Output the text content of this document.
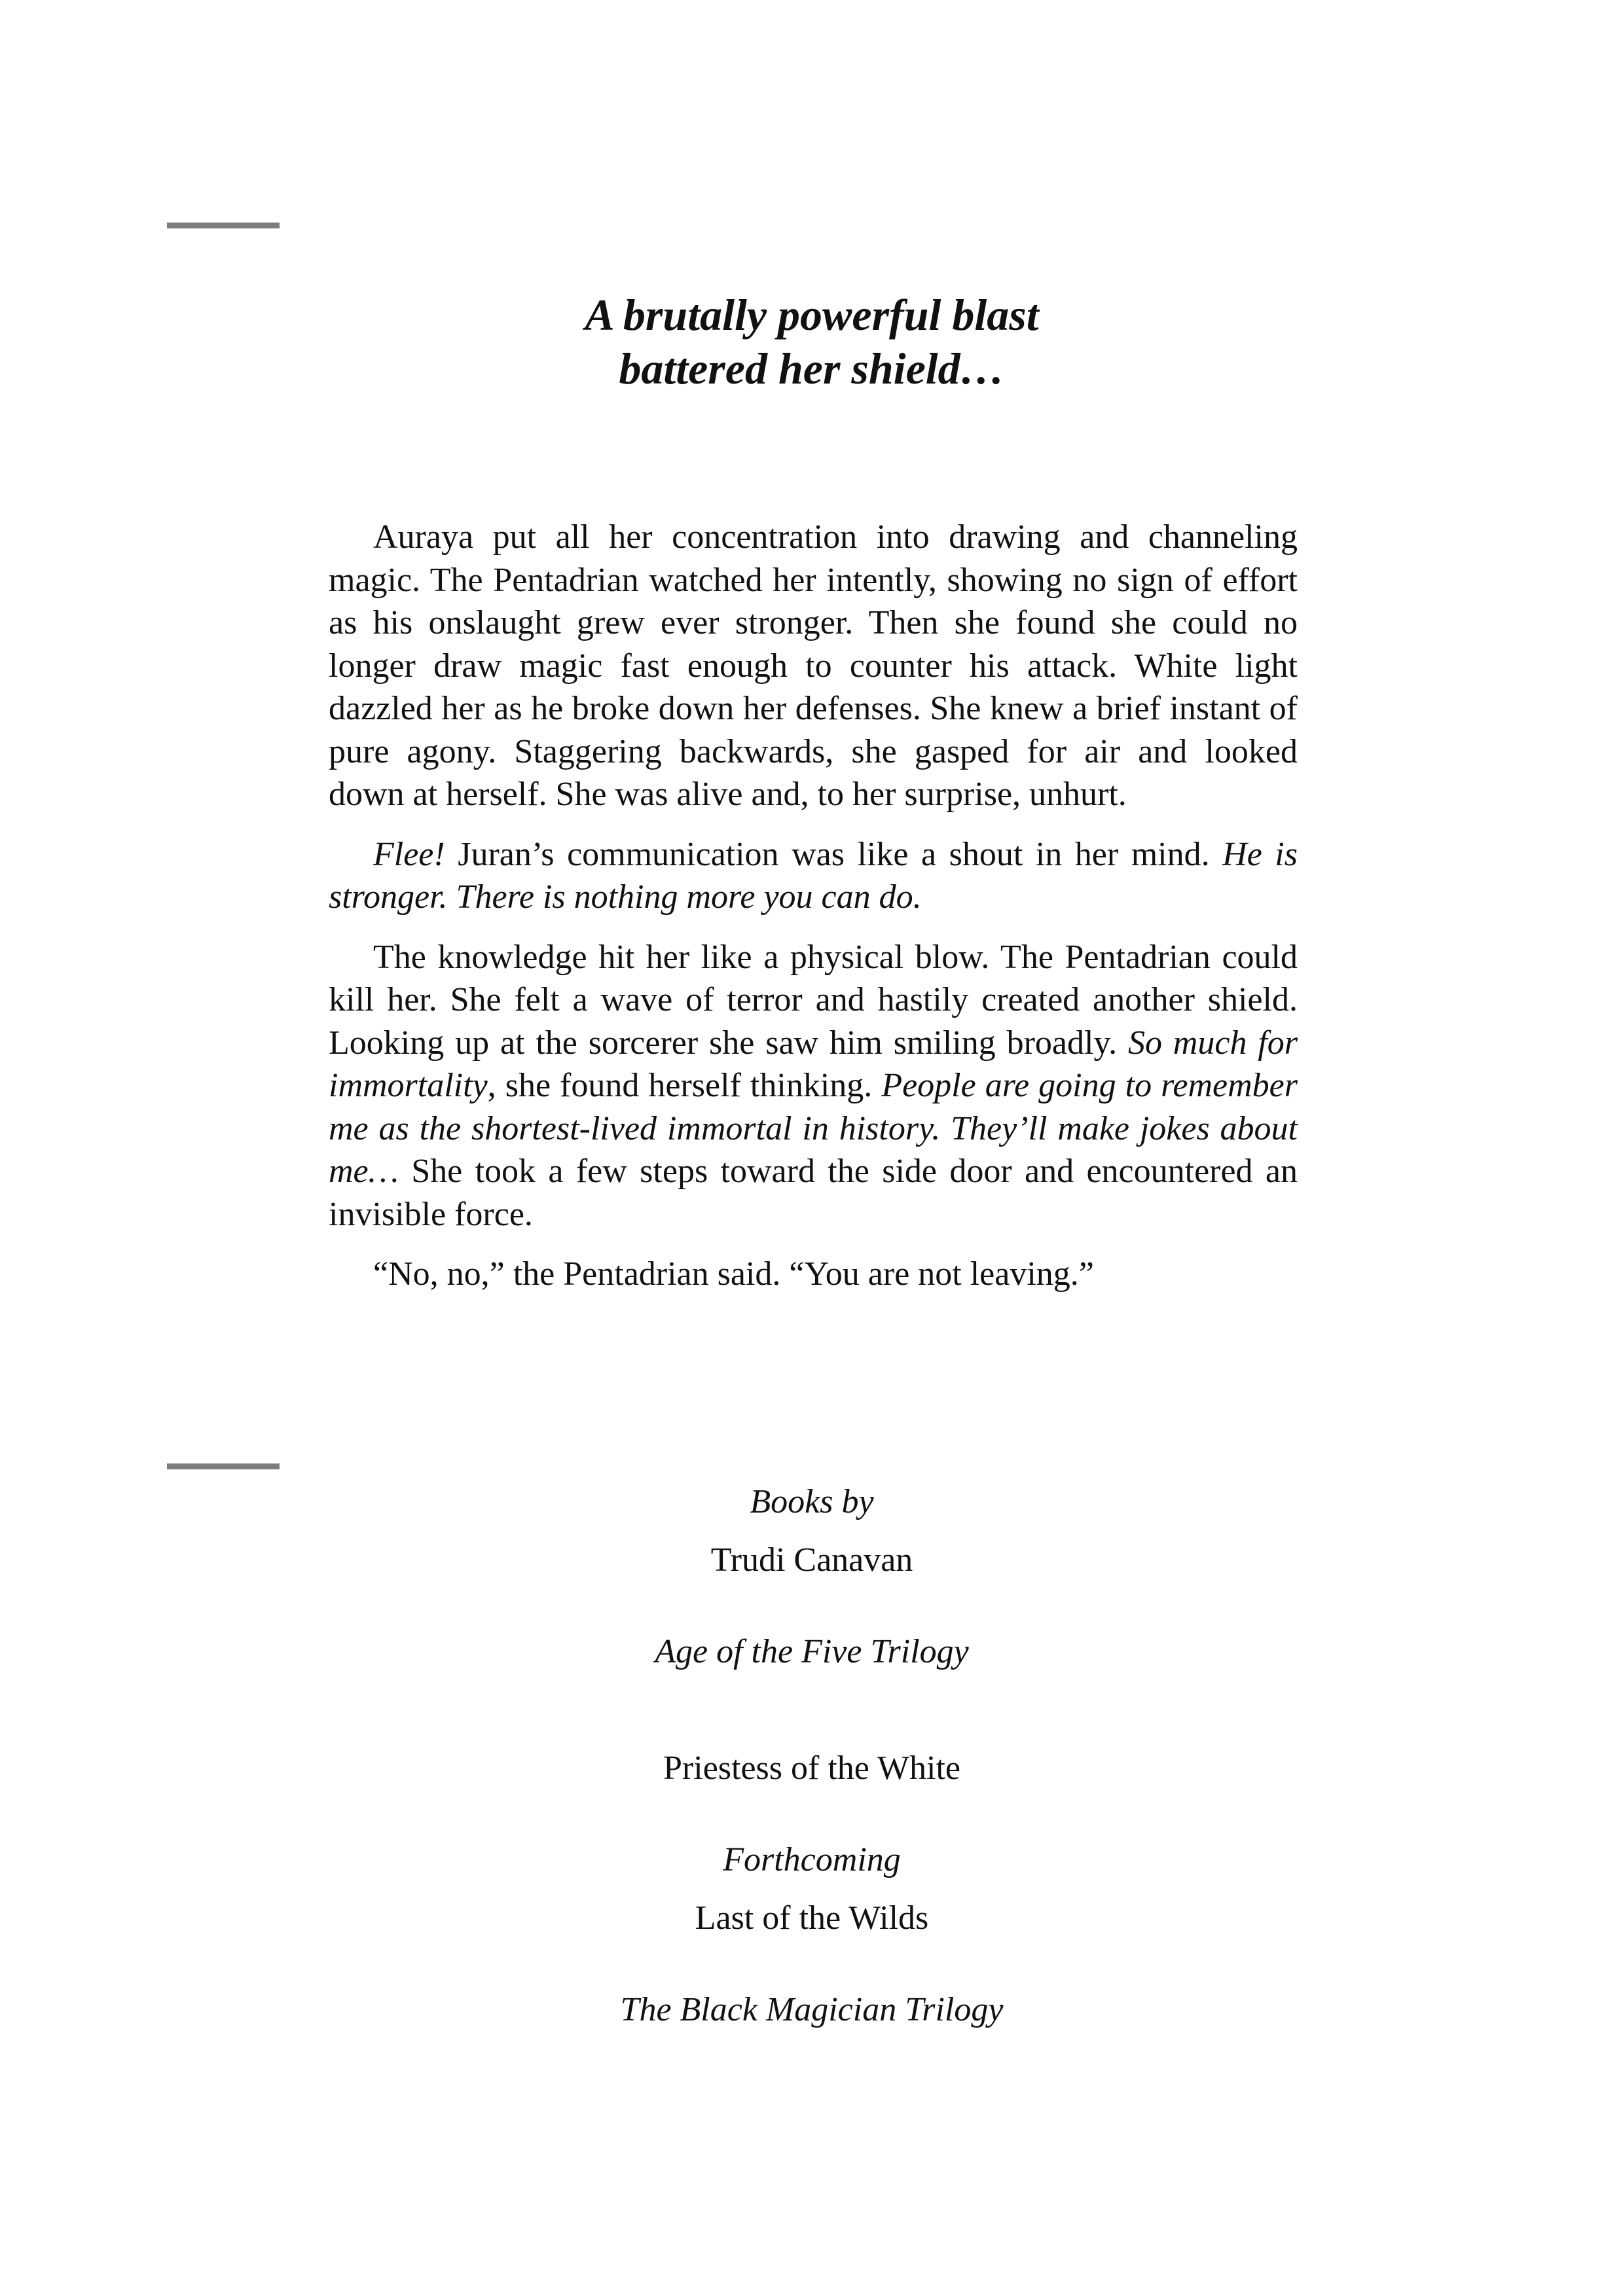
A brutally powerful blast
battered her shield…

Auraya put all her concentration into drawing and channeling magic. The Pentadrian watched her intently, showing no sign of effort as his onslaught grew ever stronger. Then she found she could no longer draw magic fast enough to counter his attack. White light dazzled her as he broke down her defenses. She knew a brief instant of pure agony. Staggering backwards, she gasped for air and looked down at herself. She was alive and, to her surprise, unhurt.

Flee! Juran’s communication was like a shout in her mind. He is stronger. There is nothing more you can do.

The knowledge hit her like a physical blow. The Pentadrian could kill her. She felt a wave of terror and hastily created another shield. Looking up at the sorcerer she saw him smiling broadly. So much for immortality, she found herself thinking. People are going to remember me as the shortest-lived immortal in history. They’ll make jokes about me… She took a few steps toward the side door and encountered an invisible force.

“No, no,” the Pentadrian said. “You are not leaving.”

Books by
Trudi Canavan
Age of the Five Trilogy
Priestess of the White
Forthcoming
Last of the Wilds
The Black Magician Trilogy
